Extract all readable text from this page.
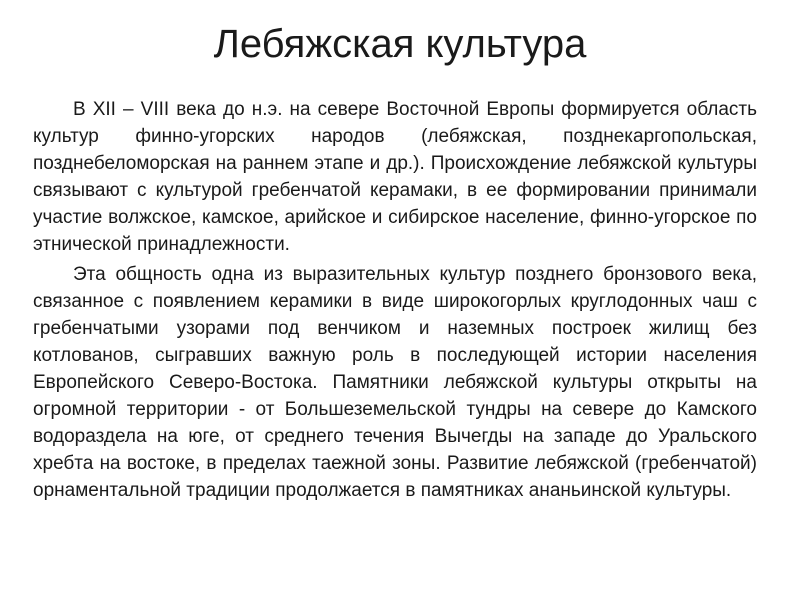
Лебяжская культура

В XII – VIII века до н.э. на севере Восточной Европы формируется область культур финно-угорских народов (лебяжская, позднекаргопольская, позднебеломорская на раннем этапе и др.). Происхождение лебяжской культуры связывают с культурой гребенчатой керамаки, в ее формировании принимали участие волжское, камское, арийское и сибирское население, финно-угорское по этнической принадлежности.

Эта общность одна из выразительных культур позднего бронзового века, связанное с появлением керамики в виде широкогорлых круглодонных чаш с гребенчатыми узорами под венчиком и наземных построек жилищ без котлованов, сыгравших важную роль в последующей истории населения Европейского Северо-Востока. Памятники лебяжской культуры открыты на огромной территории - от Большеземельской тундры на севере до Камского водораздела на юге, от среднего течения Вычегды на западе до Уральского хребта на востоке, в пределах таежной зоны. Развитие лебяжской (гребенчатой) орнаментальной традиции продолжается в памятниках ананьинской культуры.
